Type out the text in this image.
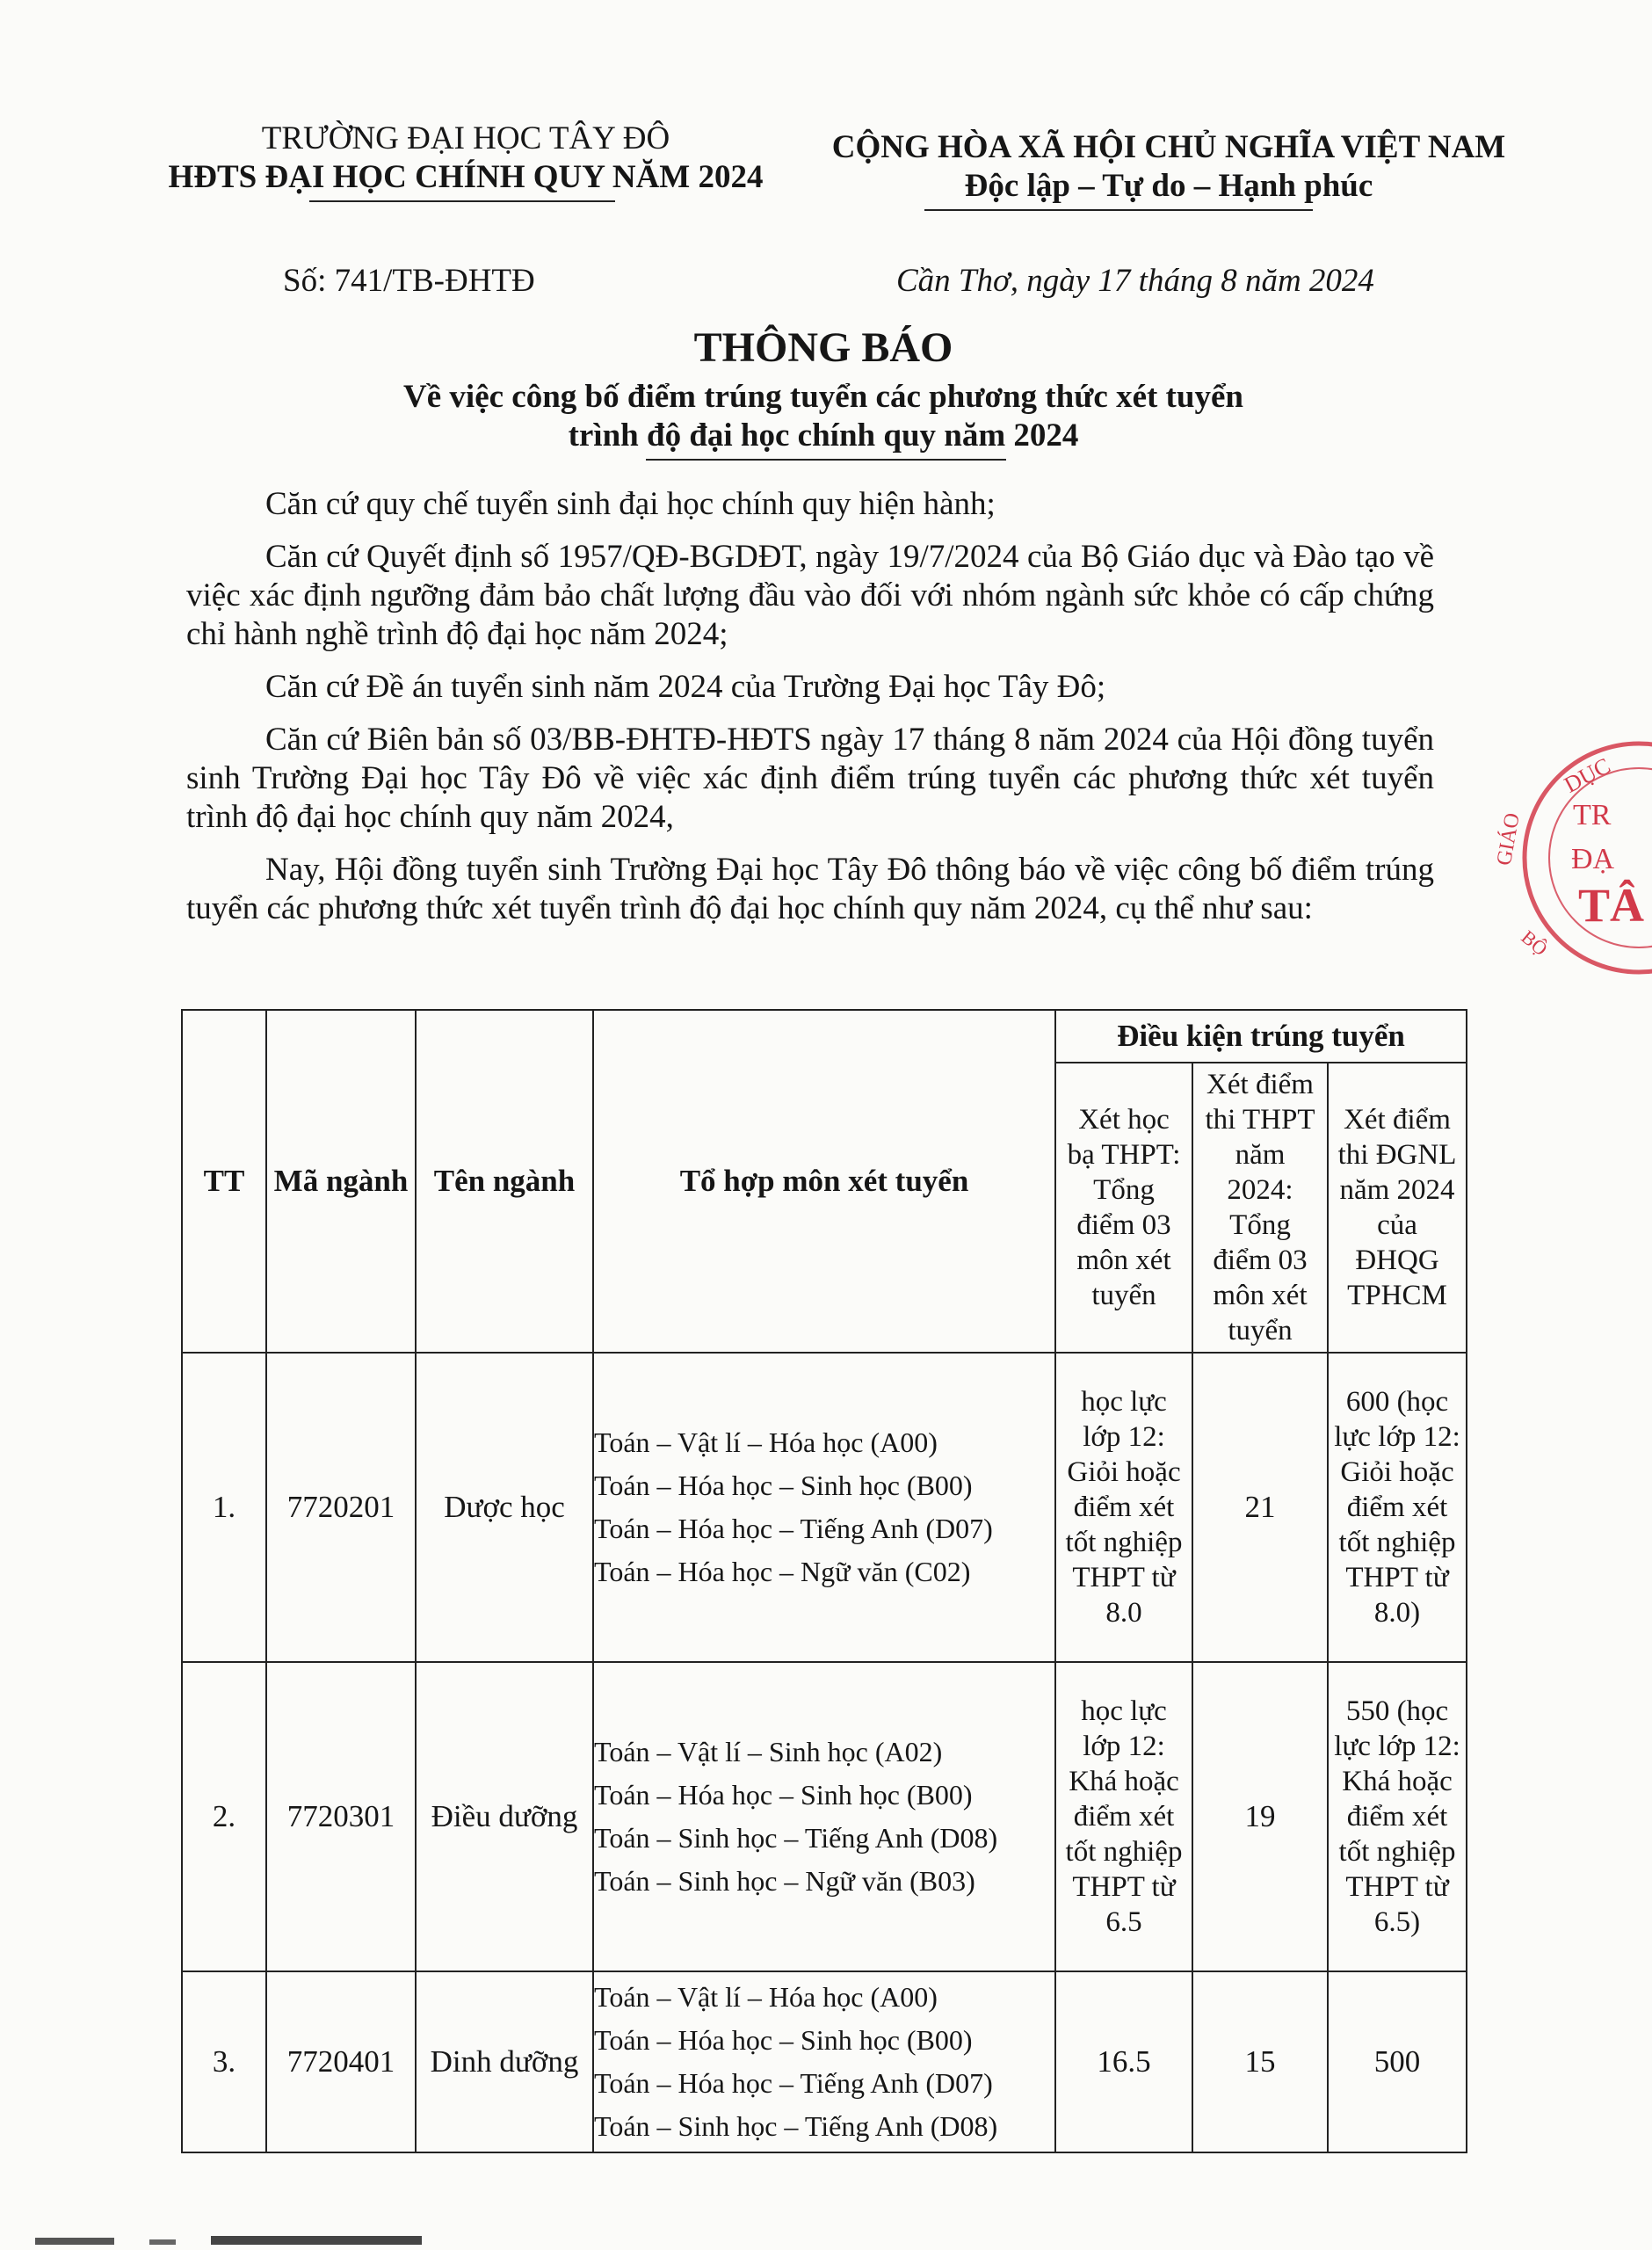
TRƯỜNG ĐẠI HỌC TÂY ĐÔ
HĐTS ĐẠI HỌC CHÍNH QUY NĂM 2024
CỘNG HÒA XÃ HỘI CHỦ NGHĨA VIỆT NAM
Độc lập – Tự do – Hạnh phúc
Số: 741/TB-ĐHTĐ	Cần Thơ, ngày 17 tháng 8 năm 2024
THÔNG BÁO
Về việc công bố điểm trúng tuyển các phương thức xét tuyển
trình độ đại học chính quy năm 2024

Căn cứ quy chế tuyển sinh đại học chính quy hiện hành;

Căn cứ Quyết định số 1957/QĐ-BGDĐT, ngày 19/7/2024 của Bộ Giáo dục và Đào tạo về việc xác định ngưỡng đảm bảo chất lượng đầu vào đối với nhóm ngành sức khỏe có cấp chứng chỉ hành nghề trình độ đại học năm 2024;

Căn cứ Đề án tuyển sinh năm 2024 của Trường Đại học Tây Đô;

Căn cứ Biên bản số 03/BB-ĐHTĐ-HĐTS ngày 17 tháng 8 năm 2024 của Hội đồng tuyển sinh Trường Đại học Tây Đô về việc xác định điểm trúng tuyển các phương thức xét tuyển trình độ đại học chính quy năm 2024,

Nay, Hội đồng tuyển sinh Trường Đại học Tây Đô thông báo về việc công bố điểm trúng tuyển các phương thức xét tuyển trình độ đại học chính quy năm 2024, cụ thể như sau:

TT	Mã ngành	Tên ngành	Tổ hợp môn xét tuyển	Điều kiện trúng tuyển		
				Xét học bạ THPT: Tổng điểm 03 môn xét tuyển	Xét điểm thi THPT năm 2024: Tổng điểm 03 môn xét tuyển	Xét điểm thi ĐGNL năm 2024 của ĐHQG TPHCM
1.	7720201	Dược học	Toán – Vật lí – Hóa học (A00)
Toán – Hóa học – Sinh học (B00)
Toán – Hóa học – Tiếng Anh (D07)
Toán – Hóa học – Ngữ văn (C02)	học lực lớp 12: Giỏi hoặc điểm xét tốt nghiệp THPT từ 8.0	21	600 (học lực lớp 12: Giỏi hoặc điểm xét tốt nghiệp THPT từ 8.0)
2.	7720301	Điều dưỡng	Toán – Vật lí – Sinh học (A02)
Toán – Hóa học – Sinh học (B00)
Toán – Sinh học – Tiếng Anh (D08)
Toán – Sinh học – Ngữ văn (B03)	học lực lớp 12: Khá hoặc điểm xét tốt nghiệp THPT từ 6.5	19	550 (học lực lớp 12: Khá hoặc điểm xét tốt nghiệp THPT từ 6.5)
3.	7720401	Dinh dưỡng	Toán – Vật lí – Hóa học (A00)
Toán – Hóa học – Sinh học (B00)
Toán – Hóa học – Tiếng Anh (D07)
Toán – Sinh học – Tiếng Anh (D08)	16.5	15	500
DỤC
GIÁO
BỘ
TR
ĐẠ
TÂ
